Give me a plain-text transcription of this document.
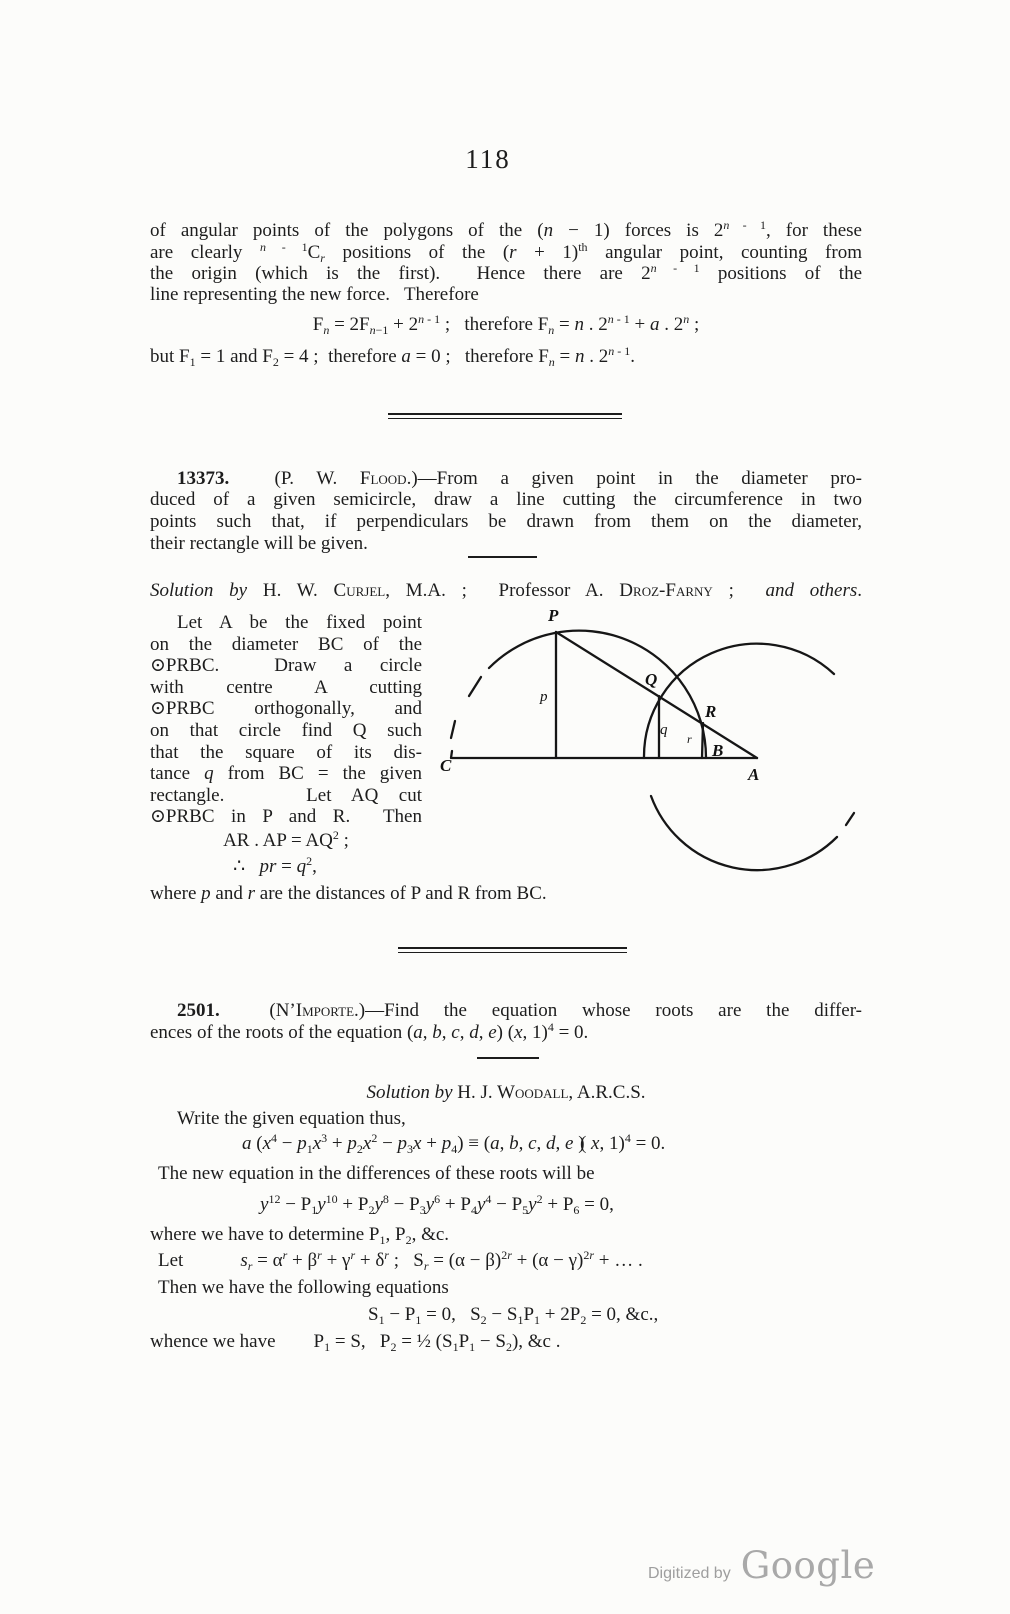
118
of angular points of the polygons of the (n − 1) forces is 2$^{n - 1}$, for these
are clearly $^{n - 1}C_r$ positions of the $(r + 1)^{th}$ angular point, counting from
the origin (which is the first).  Hence there are 2$^{n - 1}$ positions of the
line representing the new force.   Therefore
$F_n = 2F_{n-1} + 2^{n - 1}$ ;   therefore $F_n = n$ . $2^{n - 1} + a$ . 2$^n$ ;
but $F_1 = 1$ and $F_2 = 4$ ;  therefore a = 0 ;   therefore $F_n = n$ . 2$^{n - 1}$.
13373.  (P. W. Flood.)—From a given point in the diameter pro-
duced of a given semicircle, draw a line cutting the circumference in two
points such that, if perpendiculars be drawn from them on the diameter,
their rectangle will be given.
Solution by H. W. Curjel, M.A. ;  Professor A. Droz-Farny ;  and others.
Let A be the fixed point
on the diameter BC of the
⊙PRBC.  Draw a circle
with centre A cutting
⊙PRBC orthogonally, and
on that circle find Q such
that the square of its dis-
tance q from BC = the given
rectangle.    Let AQ cut
⊙PRBC in P and R.  Then
AR . AP = $AQ^2$ ;
∴   pr = $q^2$,
where p and r are the distances of P and R from BC.
P
Q
R
B
A
C
p
q
r
2501.  (N’Importe.)—Find the equation whose roots are the differ-
ences of the roots of the equation (a, b, c, d, e) (x, 1)$^4$ = 0.
Solution by H. J. Woodall, A.R.C.S.
Write the given equation thus,
a $(x^4 - p_1x^3 + p_2x^2 - p_3x + p_4) \equiv (a$, b, c, d, e )( x, 1)$^4$ = 0.
The new equation in the differences of these roots will be
$y^{12} - P_1y^{10} + P_2y^8 - P_3y^6 + P_4y^4 - P_5y^2 + P_6 = 0$,
where we have to determine $P_1$, $P_2$, &c.
Let            $s_r = \alpha^r + \beta^r + \gamma^r + \delta^r$ ;   $S_r = (\alpha - \beta)^{2r} + (\alpha - \gamma)^{2r}$ + … .
Then we have the following equations
$S_1 - P_1 = 0$,   $S_2 - S_1P_1 + 2P_2 = 0$, &c.,
whence we have        $P_1 = S$,   $P_2$ = ½ $(S_1P_1 - S_2)$, &c .
Digitized by Google
